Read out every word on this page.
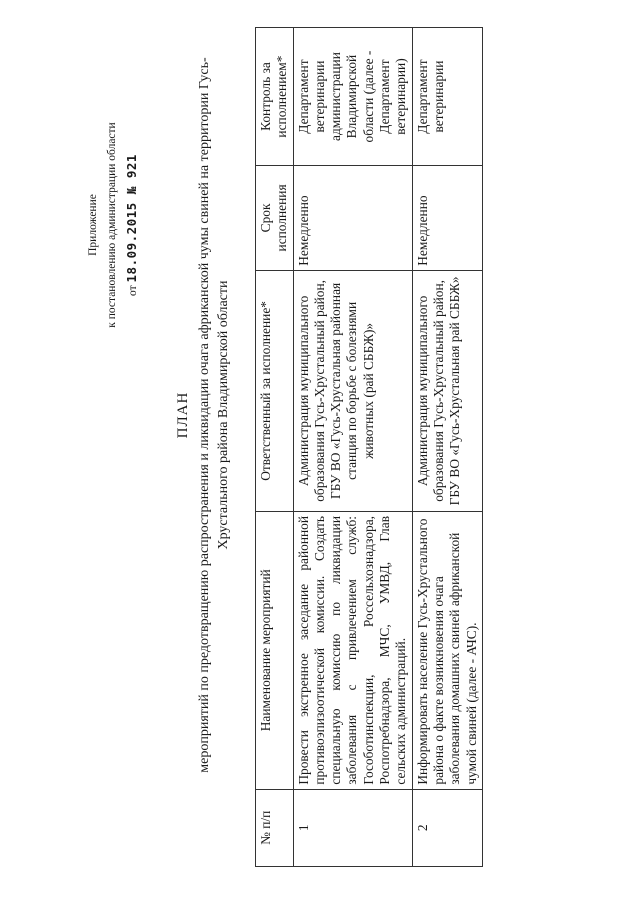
Приложение к постановлению администрации области от 18.09.2015 № 921
ПЛАН мероприятий по предотвращению распространения и ликвидации очага африканской чумы свиней на территории Гусь- Хрустального района Владимирской области
№ п/п	Наименование мероприятий	Ответственный за исполнение*	Срок исполнения	Контроль за исполнением*
1	Провести экстренное заседание районной противоэпизоотической комиссии. Создать специальную комиссию по ликвидации заболевания с привлечением служб: Гособотинспекции, Россельхознадзора, Роспотребнадзора, МЧС, УМВД, Глав сельских администраций.	Администрация муниципального образования Гусь-Хрустальный район, ГБУ ВО «Гусь-Хрустальная районная станция по борьбе с болезнями животных (рай СББЖ)»	Немедленно	Департамент ветеринарии администрации Владимирской области (далее - Департамент ветеринарии)
2	Информировать население Гусь-Хрустального района о факте возникновения очага заболевания домашних свиней африканской чумой свиней (далее - АЧС).	Администрация муниципального образования Гусь-Хрустальный район, ГБУ ВО «Гусь-Хрустальная рай СББЖ»	Немедленно	Департамент ветеринарии
